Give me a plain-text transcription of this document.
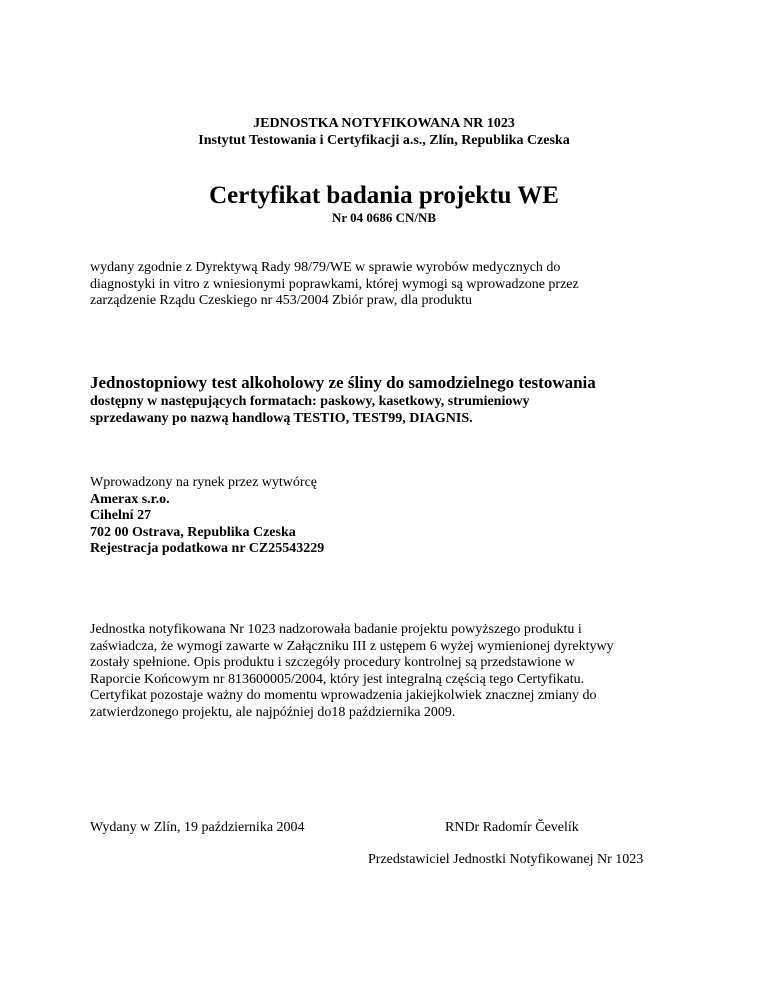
JEDNOSTKA NOTYFIKOWANA NR 1023
Instytut Testowania i Certyfikacji a.s., Zlín, Republika Czeska
Certyfikat badania projektu WE
Nr 04 0686 CN/NB
wydany zgodnie z Dyrektywą Rady 98/79/WE w sprawie wyrobów medycznych do
diagnostyki in vitro z wniesionymi poprawkami, której wymogi są wprowadzone przez
zarządzenie Rządu Czeskiego nr 453/2004 Zbiór praw, dla produktu
Jednostopniowy test alkoholowy ze śliny do samodzielnego testowania
dostępny w następujących formatach: paskowy, kasetkowy, strumieniowy
sprzedawany po nazwą handlową TESTIO, TEST99, DIAGNIS.
Wprowadzony na rynek przez wytwórcę
Amerax s.r.o.
Cihelní 27
702 00 Ostrava, Republika Czeska
Rejestracja podatkowa nr CZ25543229
Jednostka notyfikowana Nr 1023 nadzorowała badanie projektu powyższego produktu i
zaświadcza, że wymogi zawarte w Załączniku III z ustępem 6 wyżej wymienionej dyrektywy
zostały spełnione. Opis produktu i szczegóły procedury kontrolnej są przedstawione w
Raporcie Końcowym nr 813600005/2004, który jest integralną częścią tego Certyfikatu.
Certyfikat pozostaje ważny do momentu wprowadzenia jakiejkolwiek znacznej zmiany do
zatwierdzonego projektu, ale najpóźniej do18 października 2009.
Wydany w Zlín, 19 października 2004	RNDr Radomír Čevelík
Przedstawiciel Jednostki Notyfikowanej Nr 1023
